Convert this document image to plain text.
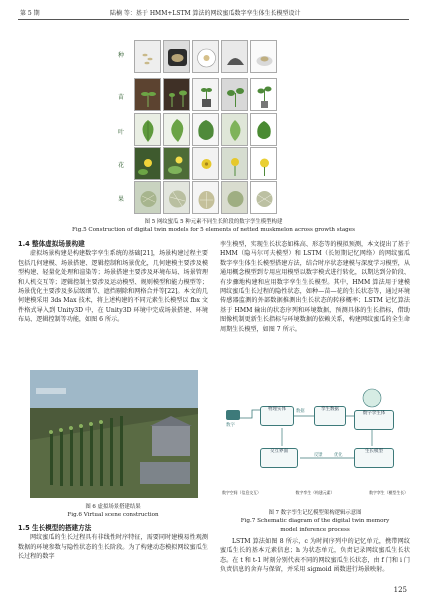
第 5 期	陆楠 等：基于 HMM+LSTM 算法的网纹蜜瓜数字孪生体生长模型设计
种
苗
叶
花
果
图 5 网纹蜜瓜 5 种元素不同生长阶段的数字孪生模型构建
Fig.5 Construction of digital twin models for 5 elements of netted muskmelon across growth stages
1.4 整体虚拟场景构建

虚拟场景构建是构建数字孪生系统的基础[21]，场景构建过程主要包括几何建模、场景搭建、逻辑控制和场景优化，几何建模主要涉及模型构建、轻量化处理和渲染等；场景搭建主要涉及环境布局、场景管理和人机交互等；逻辑控制主要涉及运动模型、规则模型和能力模型等；场景优化主要涉及多层级细节、遮挡剔除和网格合并等[22]。本文的几何建模采用 3ds Max 技术，将上述构建的不同元素生长模型以 fbx 文件格式导入到 Unity3D 中，在 Unity3D 环境中完成场景搭建、环境布局、逻辑控制等功能，如图 6 所示。

图 6 虚拟场景搭建结果
Fig.6 Virtual scene construction
1.5 生长模型的搭建方法

网纹蜜瓜的生长过程具有非线性时序特征，需要同时建模易性观测数据的环境参数与隐性状态的生长阶段。为了构建动态模拟网纹蜜瓜生长过程的数字

孪生模型，实现生长状态如株高、形态等的模拟预测，本文提出了基于 HMM（隐马尔可夫模型）和 LSTM（长短期记忆网络）的网纹蜜瓜数字孪生体生长模型搭建方法，结合时序状态建模与深度学习模型，从通用概念模型到专用应用模型以数字模式进行转化，以期达到分阶段、有步骤地构建和应用数字孪生生长模型。其中，HMM 算法用于建模网纹蜜瓜生长过程的隐性状态，如种—苗—花的生长状态等，通过环境传感器监测的外部数据推测出生长状态的转移概率；LSTM 记忆算法基于 HMM 输出的状态序列和环境数据，预测具体的生长指标，借助图像机制更新生长指标与环境数据的依赖关系，构建网纹蜜瓜的全生命周期生长模型，如图 7 所示。

物理实体	孪生数据
数字孪生体
交互界面	生长模型
数字
数据
反馈	优化
数字空间（信息交互）	数字孪生（构建元素）	数字孪生（模型生长）
图 7 数字孪生记忆模型架构逻辑示意图
Fig.7 Schematic diagram of the digital twin memory
model inference process

LSTM 算法如图 8 所示，c 为时间序列中的记忆单元，携带网纹蜜瓜生长的基本元素信息；h 为状态单元，负责记录网纹蜜瓜生长状态。在 t 和 t-1 时刻分别代表不同的网纹蜜瓜生长状态，由 f 门和 i 门负责信息的舍弃与保留，并采用 sigmoid 函数进行场景映射。

125
